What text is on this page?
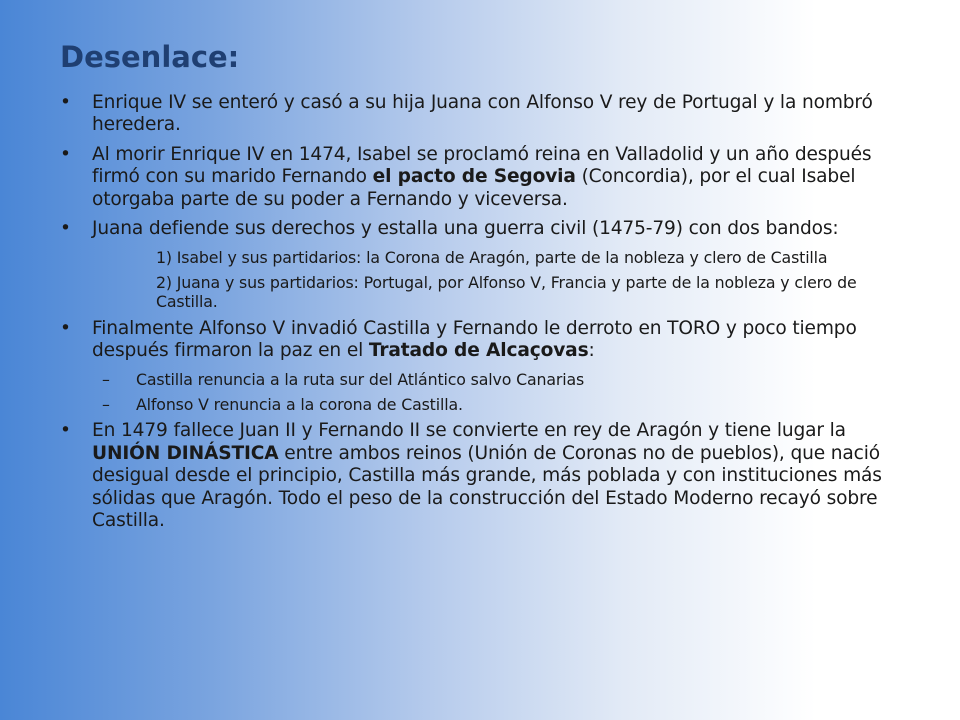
Desenlace:
• Enrique IV se enteró y casó a su hija Juana con Alfonso V rey de Portugal y la nombró heredera.
• Al morir Enrique IV en 1474, Isabel se proclamó reina en Valladolid y un año después firmó con su marido Fernando el pacto de Segovia (Concordia), por el cual Isabel otorgaba parte de su poder a Fernando y viceversa.
• Juana defiende sus derechos y estalla una guerra civil (1475-79) con dos bandos:
1) Isabel y sus partidarios: la Corona de Aragón, parte de la nobleza y clero de Castilla
2) Juana y sus partidarios: Portugal, por Alfonso V, Francia y parte de la nobleza y clero de Castilla.
• Finalmente Alfonso V invadió Castilla y Fernando le derroto en TORO y poco tiempo después firmaron la paz en el Tratado de Alcaçovas:
– Castilla renuncia a la ruta sur del Atlántico salvo Canarias
– Alfonso V renuncia a la corona de Castilla.
• En 1479 fallece Juan II y Fernando II se convierte en rey de Aragón y tiene lugar la UNIÓN DINÁSTICA entre ambos reinos (Unión de Coronas no de pueblos), que nació desigual desde el principio, Castilla más grande, más poblada y con instituciones más sólidas que Aragón. Todo el peso de la construcción del Estado Moderno recayó sobre Castilla.
